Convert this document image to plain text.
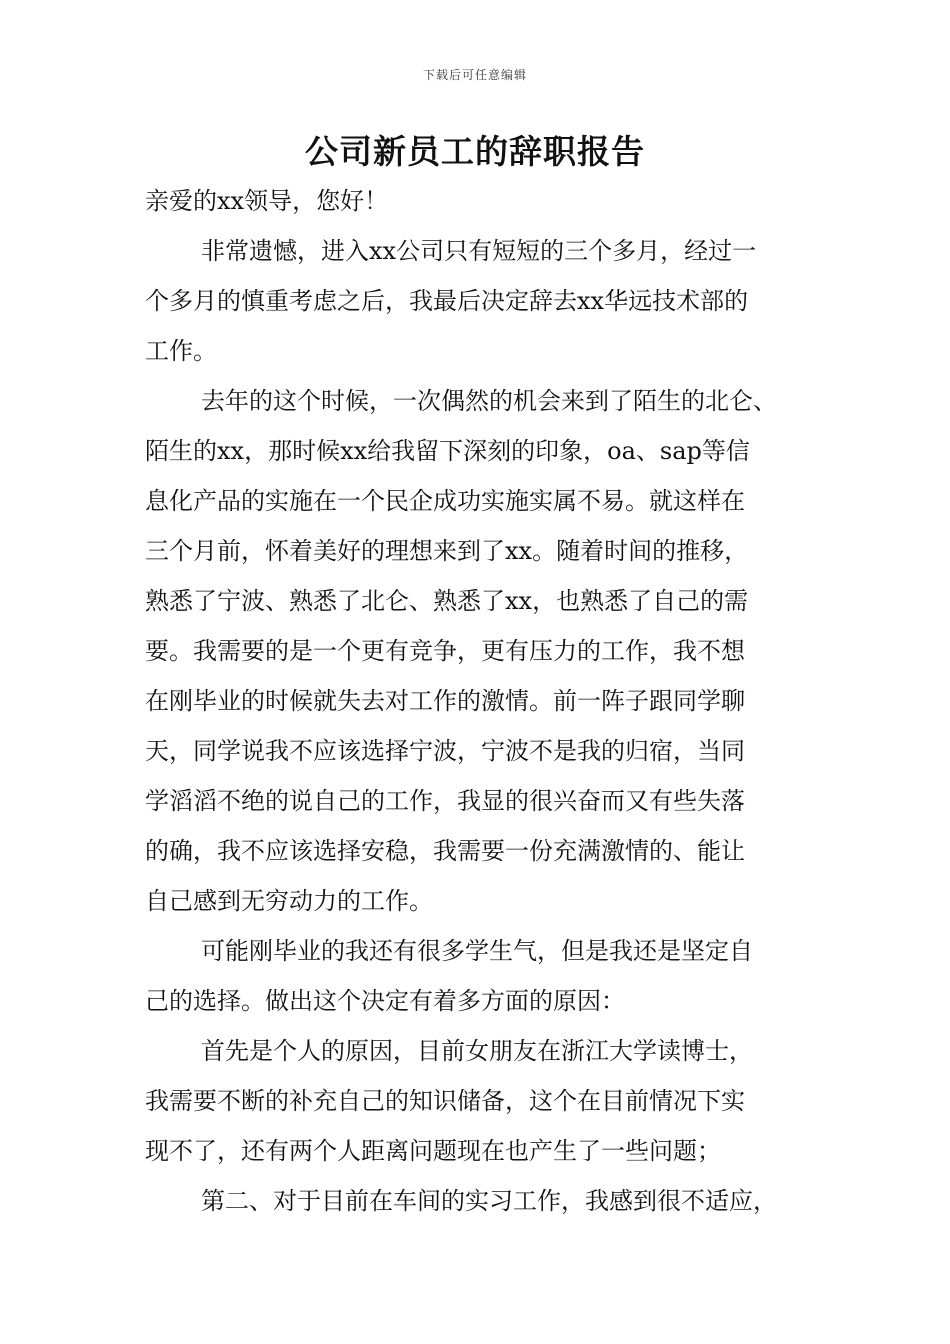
下载后可任意编辑
公司新员工的辞职报告
亲爱的xx领导，您好！
非常遗憾，进入xx公司只有短短的三个多月，经过一
个多月的慎重考虑之后，我最后决定辞去xx华远技术部的
工作。
去年的这个时候，一次偶然的机会来到了陌生的北仑、
陌生的xx，那时候xx给我留下深刻的印象，oa、sap等信
息化产品的实施在一个民企成功实施实属不易。就这样在
三个月前，怀着美好的理想来到了xx。随着时间的推移，
熟悉了宁波、熟悉了北仑、熟悉了xx，也熟悉了自己的需
要。我需要的是一个更有竞争，更有压力的工作，我不想
在刚毕业的时候就失去对工作的激情。前一阵子跟同学聊
天，同学说我不应该选择宁波，宁波不是我的归宿，当同
学滔滔不绝的说自己的工作，我显的很兴奋而又有些失落
的确，我不应该选择安稳，我需要一份充满激情的、能让
自己感到无穷动力的工作。
可能刚毕业的我还有很多学生气，但是我还是坚定自
己的选择。做出这个决定有着多方面的原因：
首先是个人的原因，目前女朋友在浙江大学读博士，
我需要不断的补充自己的知识储备，这个在目前情况下实
现不了，还有两个人距离问题现在也产生了一些问题；
第二、对于目前在车间的实习工作，我感到很不适应，
